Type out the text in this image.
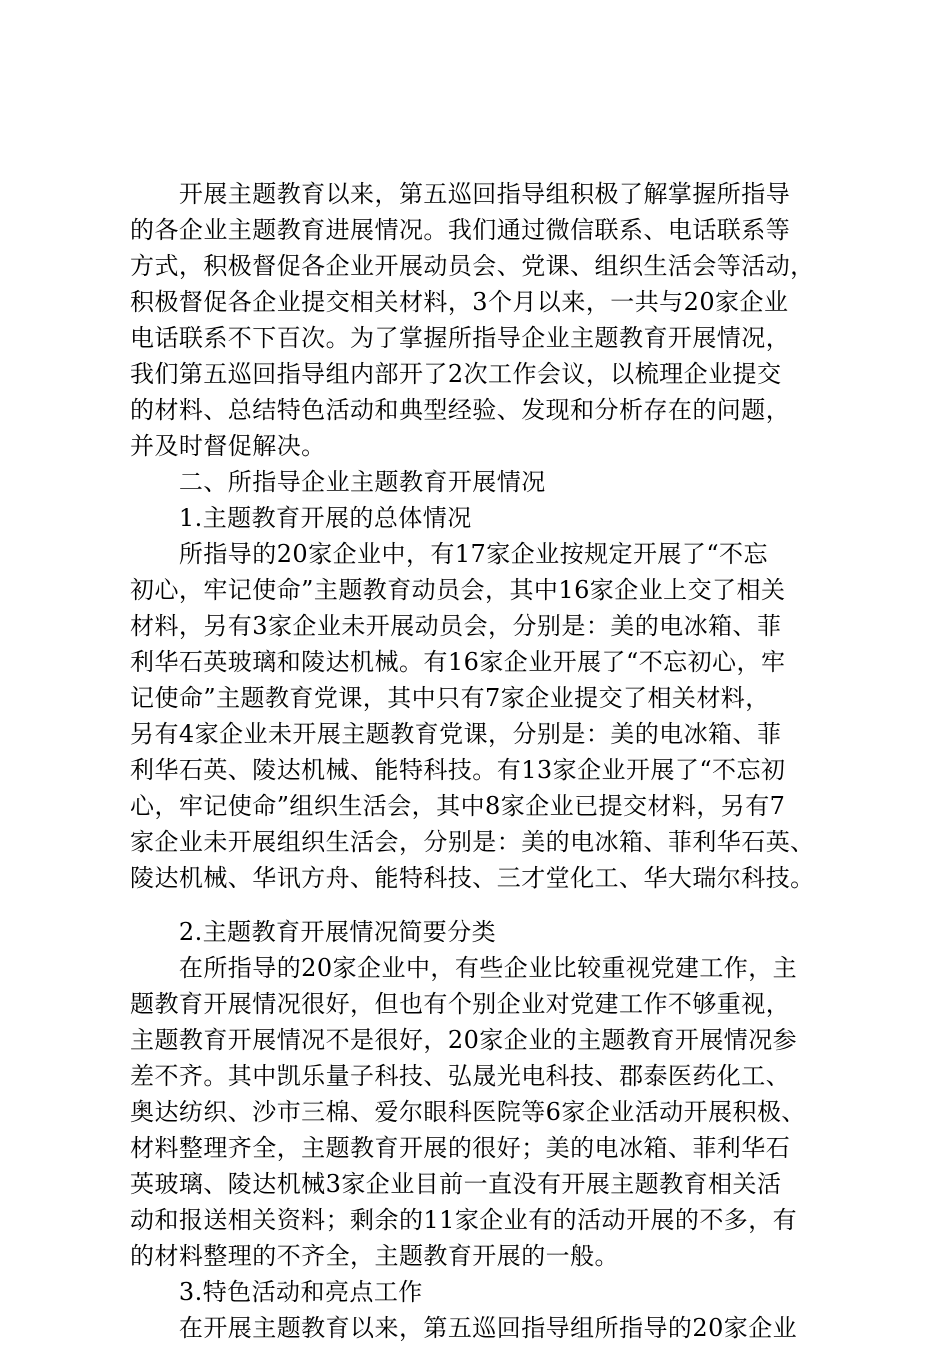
　　开展主题教育以来，第五巡回指导组积极了解掌握所指导
的各企业主题教育进展情况。我们通过微信联系、电话联系等
方式，积极督促各企业开展动员会、党课、组织生活会等活动，
积极督促各企业提交相关材料，3个月以来，一共与20家企业
电话联系不下百次。为了掌握所指导企业主题教育开展情况，
我们第五巡回指导组内部开了2次工作会议，以梳理企业提交
的材料、总结特色活动和典型经验、发现和分析存在的问题，
并及时督促解决。
　　二、所指导企业主题教育开展情况
　　1.主题教育开展的总体情况
　　所指导的20家企业中，有17家企业按规定开展了“不忘
初心，牢记使命”主题教育动员会，其中16家企业上交了相关
材料，另有3家企业未开展动员会，分别是：美的电冰箱、菲
利华石英玻璃和陵达机械。有16家企业开展了“不忘初心，牢
记使命”主题教育党课，其中只有7家企业提交了相关材料，
另有4家企业未开展主题教育党课，分别是：美的电冰箱、菲
利华石英、陵达机械、能特科技。有13家企业开展了“不忘初
心，牢记使命”组织生活会，其中8家企业已提交材料，另有7
家企业未开展组织生活会，分别是：美的电冰箱、菲利华石英、
陵达机械、华讯方舟、能特科技、三才堂化工、华大瑞尔科技。
　　2.主题教育开展情况简要分类
　　在所指导的20家企业中，有些企业比较重视党建工作，主
题教育开展情况很好，但也有个别企业对党建工作不够重视，
主题教育开展情况不是很好，20家企业的主题教育开展情况参
差不齐。其中凯乐量子科技、弘晟光电科技、郡泰医药化工、
奥达纺织、沙市三棉、爱尔眼科医院等6家企业活动开展积极、
材料整理齐全，主题教育开展的很好；美的电冰箱、菲利华石
英玻璃、陵达机械3家企业目前一直没有开展主题教育相关活
动和报送相关资料；剩余的11家企业有的活动开展的不多，有
的材料整理的不齐全，主题教育开展的一般。
　　3.特色活动和亮点工作
　　在开展主题教育以来，第五巡回指导组所指导的20家企业
